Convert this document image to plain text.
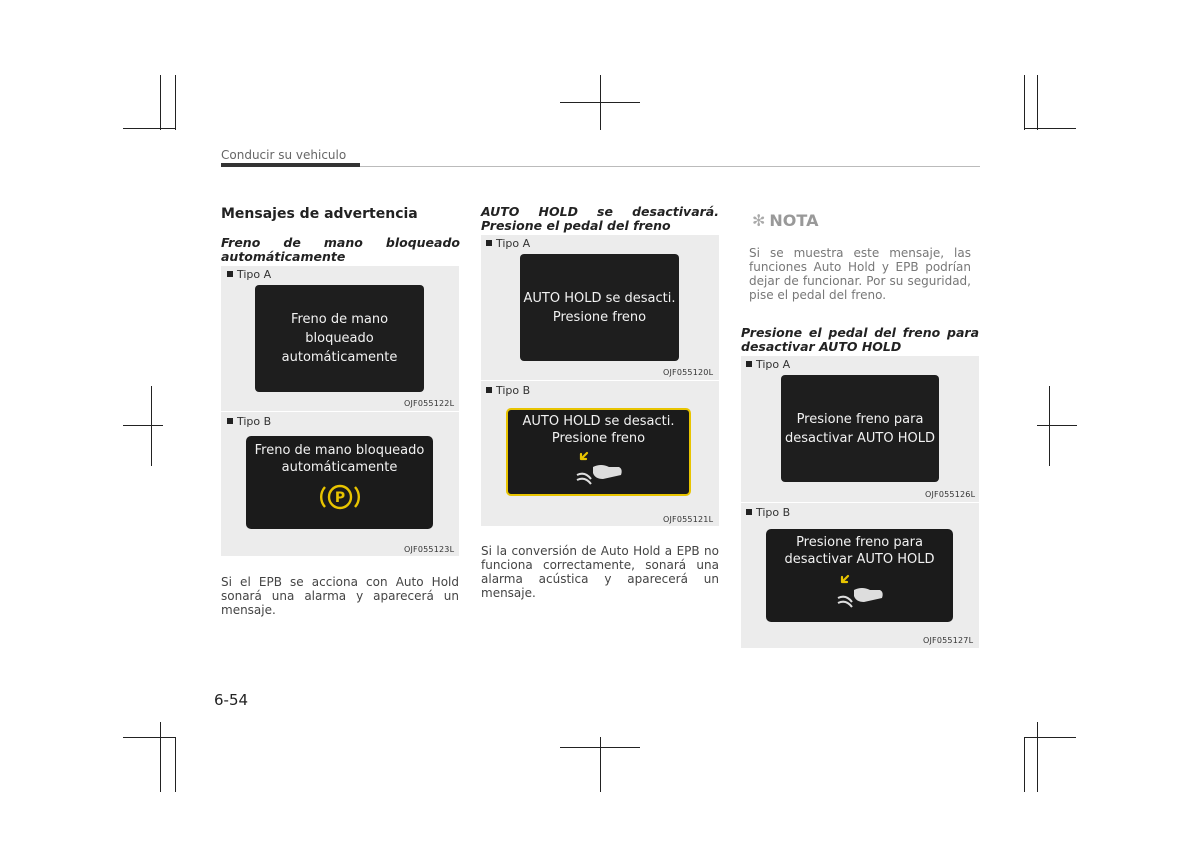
Conducir su vehiculo
Mensajes de advertencia
Freno de mano bloqueado
automáticamente
Tipo A
Freno de mano bloqueado
automáticamente
OJF055122L
Tipo B
Freno de mano bloqueado
automáticamente
P
OJF055123L
Si el EPB se acciona con Auto Hold sonará una alarma y aparecerá un mensaje.
AUTO HOLD se desactivará.
Presione el pedal del freno
Tipo A
AUTO HOLD se desacti.
Presione freno
OJF055120L
Tipo B
AUTO HOLD se desacti.
Presione freno
OJF055121L
Si la conversión de Auto Hold a EPB no funciona correctamente, sonará una alarma acústica y aparecerá un mensaje.
✻ NOTA
Si se muestra este mensaje, las funciones Auto Hold y EPB podrían dejar de funcionar. Por su seguridad, pise el pedal del freno.
Presione el pedal del freno para
desactivar AUTO HOLD
Tipo A
Presione freno para
desactivar AUTO HOLD
OJF055126L
Tipo B
Presione freno para
desactivar AUTO HOLD
OJF055127L
6-54
